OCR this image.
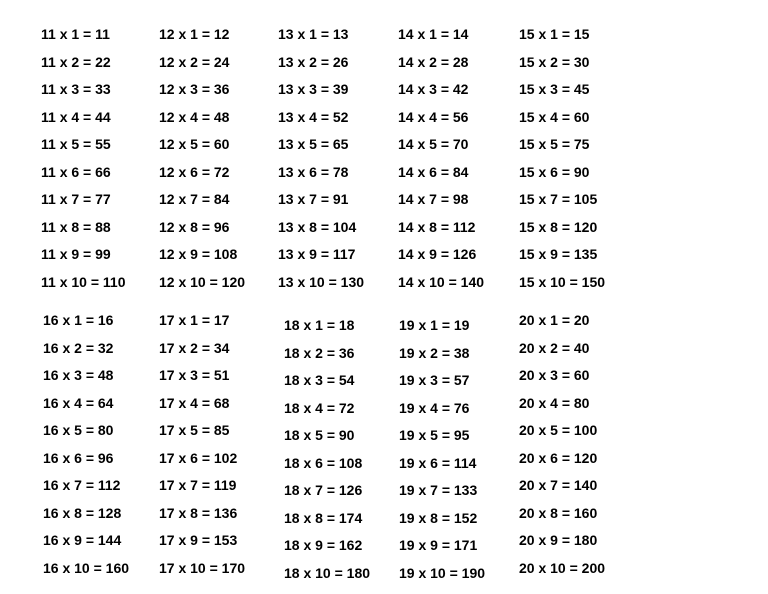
11 x 1 = 11
11 x 2 = 22
11 x 3 = 33
11 x 4 = 44
11 x 5 = 55
11 x 6 = 66
11 x 7 = 77
11 x 8 = 88
11 x 9 = 99
11 x 10 = 110
12 x 1 = 12
12 x 2 = 24
12 x 3 = 36
12 x 4 = 48
12 x 5 = 60
12 x 6 = 72
12 x 7 = 84
12 x 8 = 96
12 x 9 = 108
12 x 10 = 120
13 x 1 = 13
13 x 2 = 26
13 x 3 = 39
13 x 4 = 52
13 x 5 = 65
13 x 6 = 78
13 x 7 = 91
13 x 8 = 104
13 x 9 = 117
13 x 10 = 130
14 x 1 = 14
14 x 2 = 28
14 x 3 = 42
14 x 4 = 56
14 x 5 = 70
14 x 6 = 84
14 x 7 = 98
14 x 8 = 112
14 x 9 = 126
14 x 10 = 140
15 x 1 = 15
15 x 2 = 30
15 x 3 = 45
15 x 4 = 60
15 x 5 = 75
15 x 6 = 90
15 x 7 = 105
15 x 8 = 120
15 x 9 = 135
15 x 10 = 150
16 x 1 = 16
16 x 2 = 32
16 x 3 = 48
16 x 4 = 64
16 x 5 = 80
16 x 6 = 96
16 x 7 = 112
16 x 8 = 128
16 x 9 = 144
16 x 10 = 160
17 x 1 = 17
17 x 2 = 34
17 x 3 = 51
17 x 4 = 68
17 x 5 = 85
17 x 6 = 102
17 x 7 = 119
17 x 8 = 136
17 x 9 = 153
17 x 10 = 170
18 x 1 = 18
18 x 2 = 36
18 x 3 = 54
18 x 4 = 72
18 x 5 = 90
18 x 6 = 108
18 x 7 = 126
18 x 8 = 174
18 x 9 = 162
18 x 10 = 180
19 x 1 = 19
19 x 2 = 38
19 x 3 = 57
19 x 4 = 76
19 x 5 = 95
19 x 6 = 114
19 x 7 = 133
19 x 8 = 152
19 x 9 = 171
19 x 10 = 190
20 x 1 = 20
20 x 2 = 40
20 x 3 = 60
20 x 4 = 80
20 x 5 = 100
20 x 6 = 120
20 x 7 = 140
20 x 8 = 160
20 x 9 = 180
20 x 10 = 200
